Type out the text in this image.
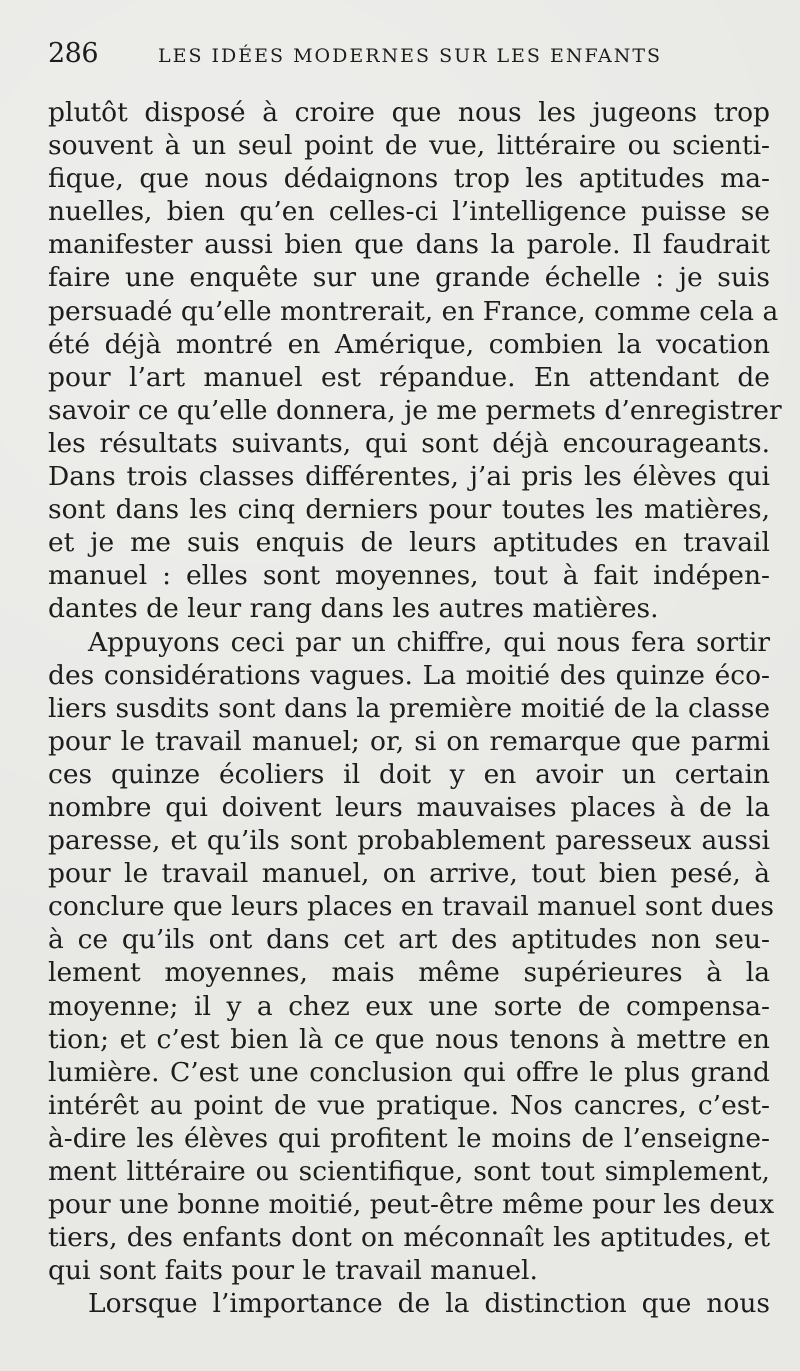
286	LES IDÉES MODERNES SUR LES ENFANTS
plutôt disposé à croire que nous les jugeons trop
souvent à un seul point de vue, littéraire ou scienti-
fique, que nous dédaignons trop les aptitudes ma-
nuelles, bien qu’en celles-ci l’intelligence puisse se
manifester aussi bien que dans la parole. Il faudrait
faire une enquête sur une grande échelle : je suis
persuadé qu’elle montrerait, en France, comme cela a
été déjà montré en Amérique, combien la vocation
pour l’art manuel est répandue. En attendant de
savoir ce qu’elle donnera, je me permets d’enregistrer
les résultats suivants, qui sont déjà encourageants.
Dans trois classes différentes, j’ai pris les élèves qui
sont dans les cinq derniers pour toutes les matières,
et je me suis enquis de leurs aptitudes en travail
manuel : elles sont moyennes, tout à fait indépen-
dantes de leur rang dans les autres matières.
Appuyons ceci par un chiffre, qui nous fera sortir
des considérations vagues. La moitié des quinze éco-
liers susdits sont dans la première moitié de la classe
pour le travail manuel; or, si on remarque que parmi
ces quinze écoliers il doit y en avoir un certain
nombre qui doivent leurs mauvaises places à de la
paresse, et qu’ils sont probablement paresseux aussi
pour le travail manuel, on arrive, tout bien pesé, à
conclure que leurs places en travail manuel sont dues
à ce qu’ils ont dans cet art des aptitudes non seu-
lement moyennes, mais même supérieures à la
moyenne; il y a chez eux une sorte de compensa-
tion; et c’est bien là ce que nous tenons à mettre en
lumière. C’est une conclusion qui offre le plus grand
intérêt au point de vue pratique. Nos cancres, c’est-
à-dire les élèves qui profitent le moins de l’enseigne-
ment littéraire ou scientifique, sont tout simplement,
pour une bonne moitié, peut-être même pour les deux
tiers, des enfants dont on méconnaît les aptitudes, et
qui sont faits pour le travail manuel.
Lorsque l’importance de la distinction que nous
